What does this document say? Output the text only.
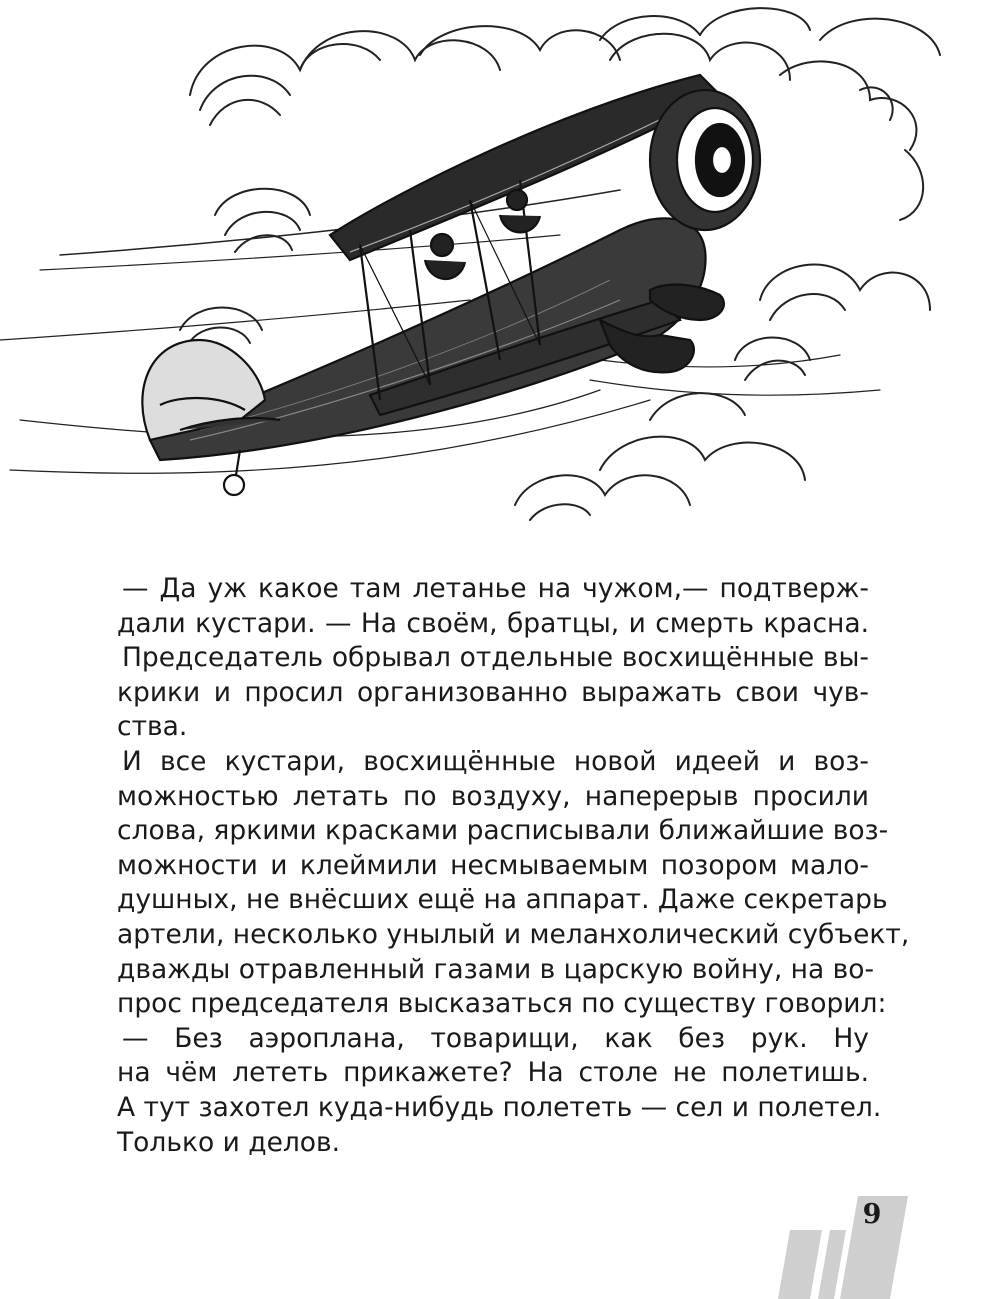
— Да уж какое там летанье на чужом,— подтверж-
дали кустари. — На своём, братцы, и смерть красна.
Председатель обрывал отдельные восхищённые вы-
крики и просил организованно выражать свои чув-
ства.
И все кустари, восхищённые новой идеей и воз-
можностью летать по воздуху, наперерыв просили
слова, яркими красками расписывали ближайшие воз-
можности и клеймили несмываемым позором мало-
душных, не внёсших ещё на аппарат. Даже секретарь
артели, несколько унылый и меланхолический субъект,
дважды отравленный газами в царскую войну, на во-
прос председателя высказаться по существу говорил:
— Без аэроплана, товарищи, как без рук. Ну
на чём лететь прикажете? На столе не полетишь.
А тут захотел куда-нибудь полететь — сел и полетел.
Только и делов.
9
